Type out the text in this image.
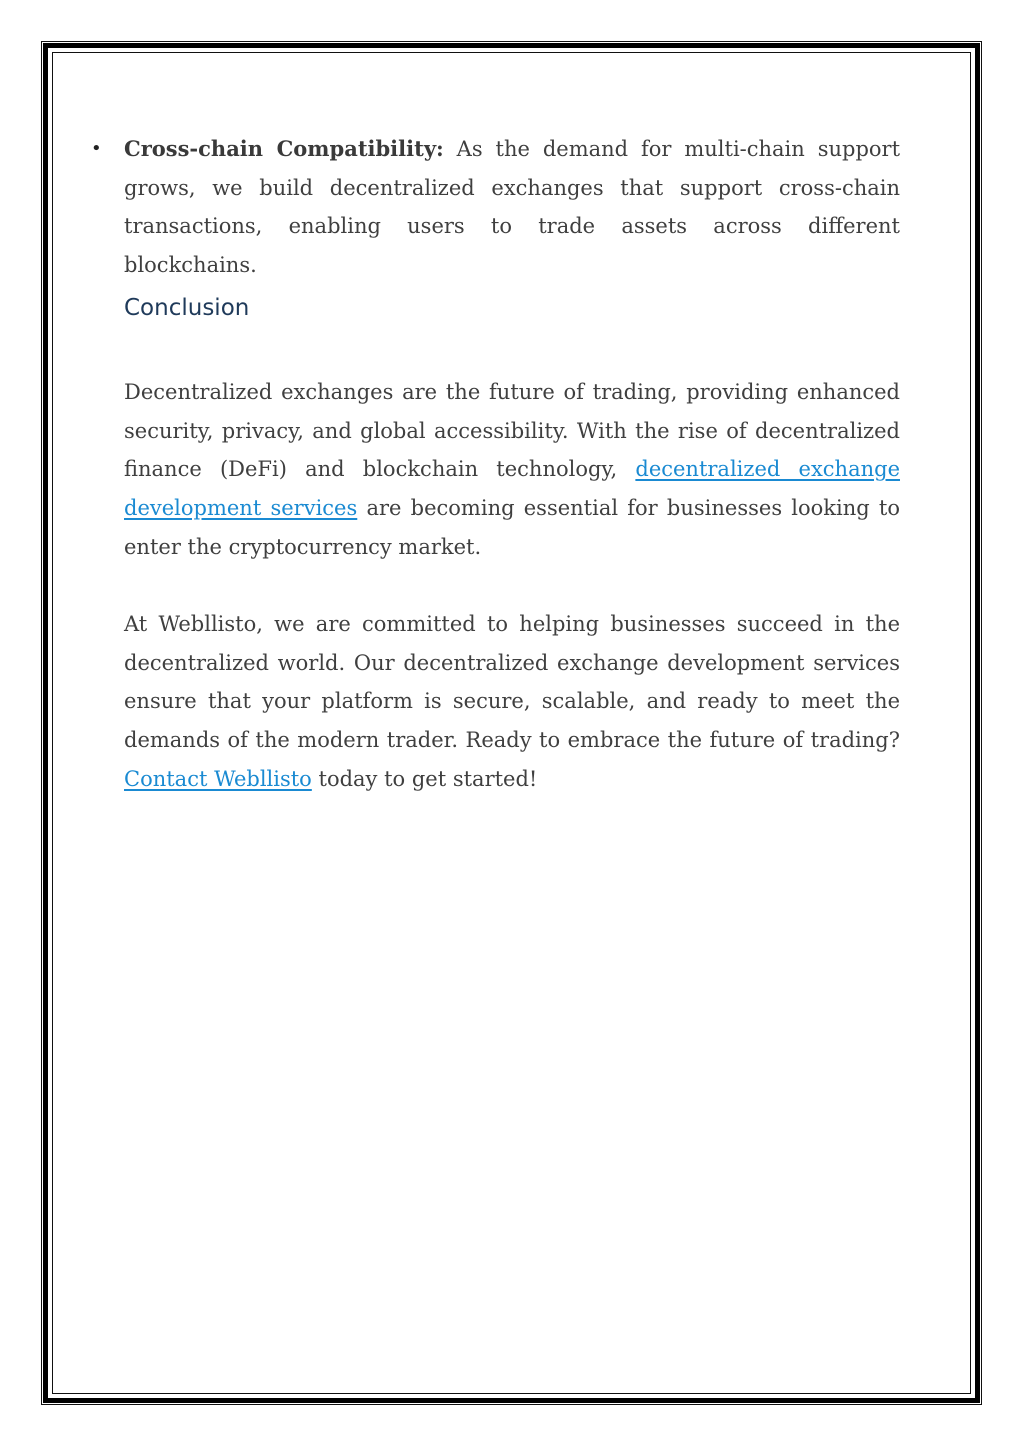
• Cross-chain Compatibility: As the demand for multi-chain support grows, we build decentralized exchanges that support cross-chain transactions, enabling users to trade assets across different blockchains.

Conclusion

Decentralized exchanges are the future of trading, providing enhanced security, privacy, and global accessibility. With the rise of decentralized finance (DeFi) and blockchain technology, decentralized exchange development services are becoming essential for businesses looking to enter the cryptocurrency market.

At Webllisto, we are committed to helping businesses succeed in the decentralized world. Our decentralized exchange development services ensure that your platform is secure, scalable, and ready to meet the demands of the modern trader. Ready to embrace the future of trading? Contact Webllisto today to get started!
